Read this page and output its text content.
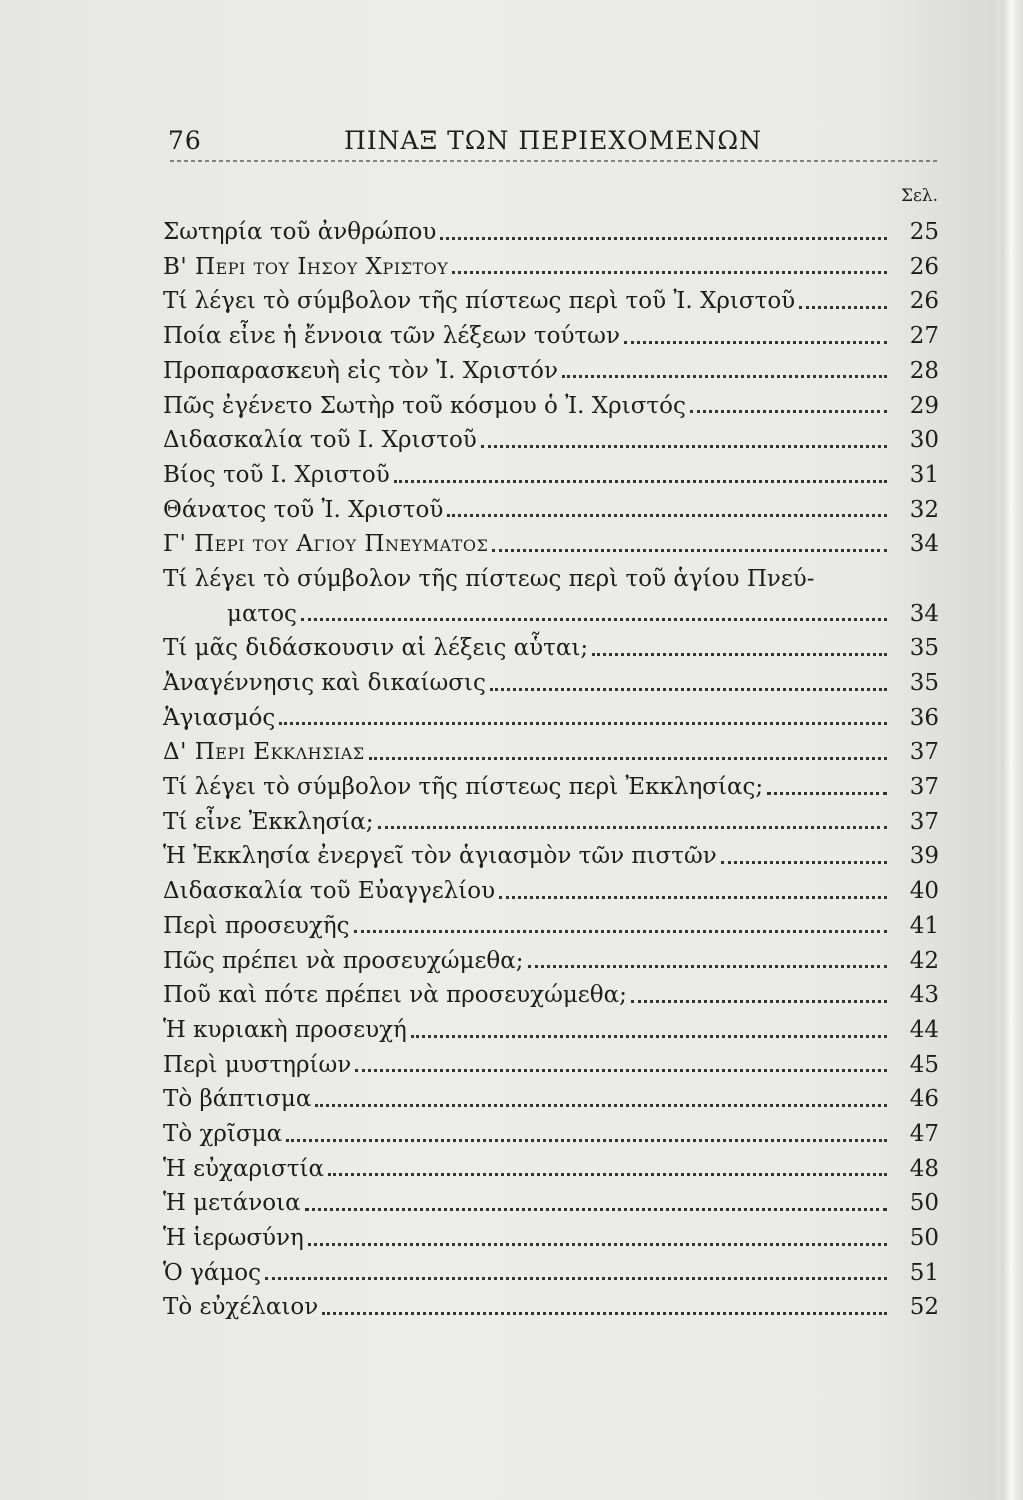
76	ΠΙΝΑΞ ΤΩΝ ΠΕΡΙΕΧΟΜΕΝΩΝ
Σελ.
Σωτηρία τοῦ ἀνθρώπου	25
Β' Περι του Ιησου Χριστου	26
Τί λέγει τὸ σύμβολον τῆς πίστεως περὶ τοῦ Ἰ. Χριστοῦ	26
Ποία εἶνε ἡ ἔννοια τῶν λέξεων τούτων	27
Προπαρασκευὴ εἰς τὸν Ἰ. Χριστόν	28
Πῶς ἐγένετο Σωτὴρ τοῦ κόσμου ὁ Ἰ. Χριστός	29
Διδασκαλία τοῦ Ι. Χριστοῦ	30
Βίος τοῦ Ι. Χριστοῦ	31
Θάνατος τοῦ Ἰ. Χριστοῦ	32
Γ' Περι του Αγιου Πνευματος	34
Τί λέγει τὸ σύμβολον τῆς πίστεως περὶ τοῦ ἁγίου Πνεύ-
ματος	34
Τί μᾶς διδάσκουσιν αἱ λέξεις αὗται;	35
Ἀναγέννησις καὶ δικαίωσις	35
Ἁγιασμός	36
Δ' Περι Εκκλησιας	37
Τί λέγει τὸ σύμβολον τῆς πίστεως περὶ Ἐκκλησίας;	37
Τί εἶνε Ἐκκλησία;	37
Ἡ Ἐκκλησία ἐνεργεῖ τὸν ἁγιασμὸν τῶν πιστῶν	39
Διδασκαλία τοῦ Εὐαγγελίου	40
Περὶ προσευχῆς	41
Πῶς πρέπει νὰ προσευχώμεθα;	42
Ποῦ καὶ πότε πρέπει νὰ προσευχώμεθα;	43
Ἡ κυριακὴ προσευχή	44
Περὶ μυστηρίων	45
Τὸ βάπτισμα	46
Τὸ χρῖσμα	47
Ἡ εὐχαριστία	48
Ἡ μετάνοια	50
Ἡ ἱερωσύνη	50
Ὁ γάμος	51
Τὸ εὐχέλαιον	52
